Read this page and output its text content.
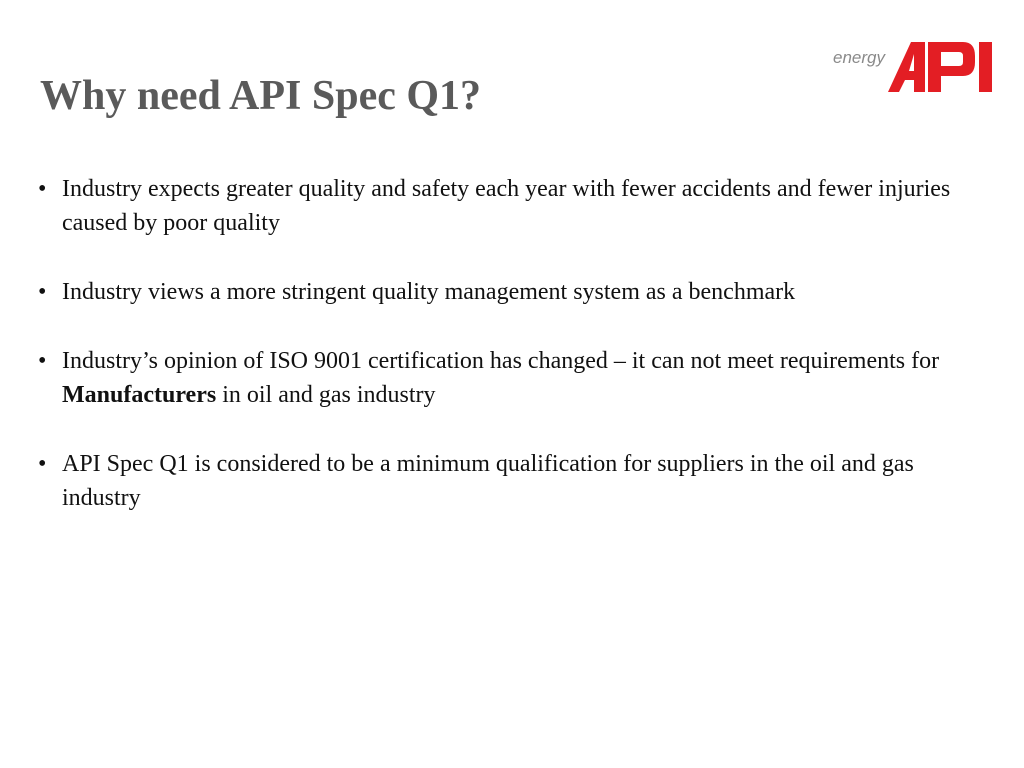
Why need API Spec Q1?
energy
• Industry expects greater quality and safety each year with fewer accidents and fewer injuries caused by poor quality
• Industry views a more stringent quality management system as a benchmark
• Industry’s opinion of ISO 9001 certification has changed – it can not meet requirements for Manufacturers in oil and gas industry
• API Spec Q1 is considered to be a minimum qualification for suppliers in the oil and gas industry
